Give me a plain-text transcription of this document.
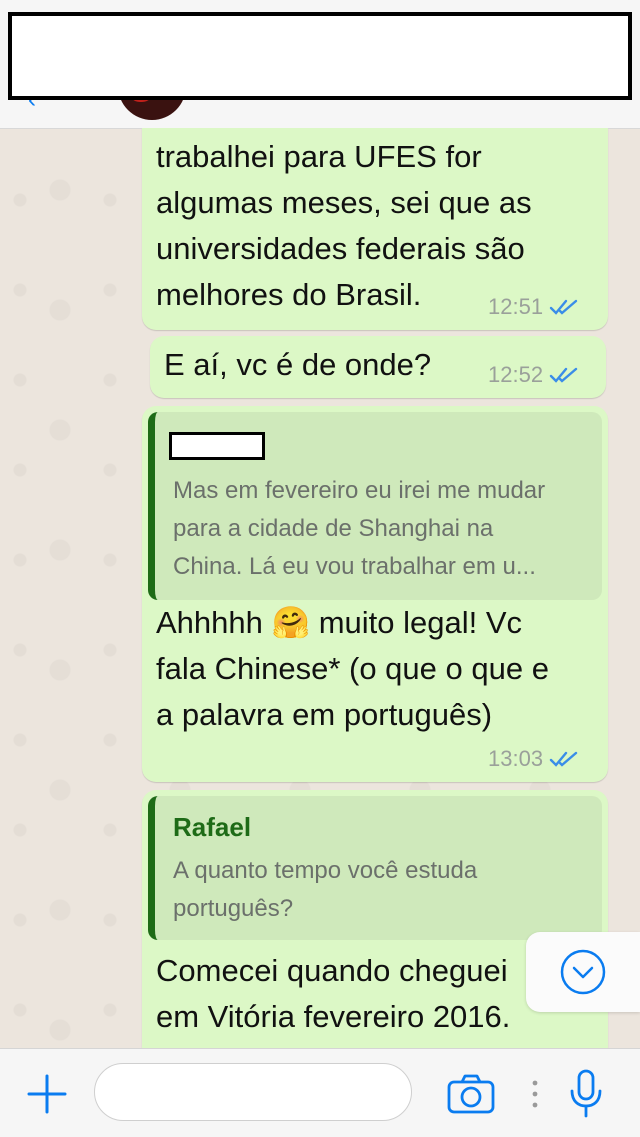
trabalhei para UFES for
algumas meses, sei que as
universidades federais são
melhores do Brasil.	12:51
E aí, vc é de onde?	12:52
Mas em fevereiro eu irei me mudar
para a cidade de Shanghai na
China. Lá eu vou trabalhar em u...
Ahhhhh 🤗 muito legal! Vc
fala Chinese* (o que o que e
a palavra em português)
13:03
Rafael
A quanto tempo você estuda
português?
Comecei quando cheguei
em Vitória fevereiro 2016.
